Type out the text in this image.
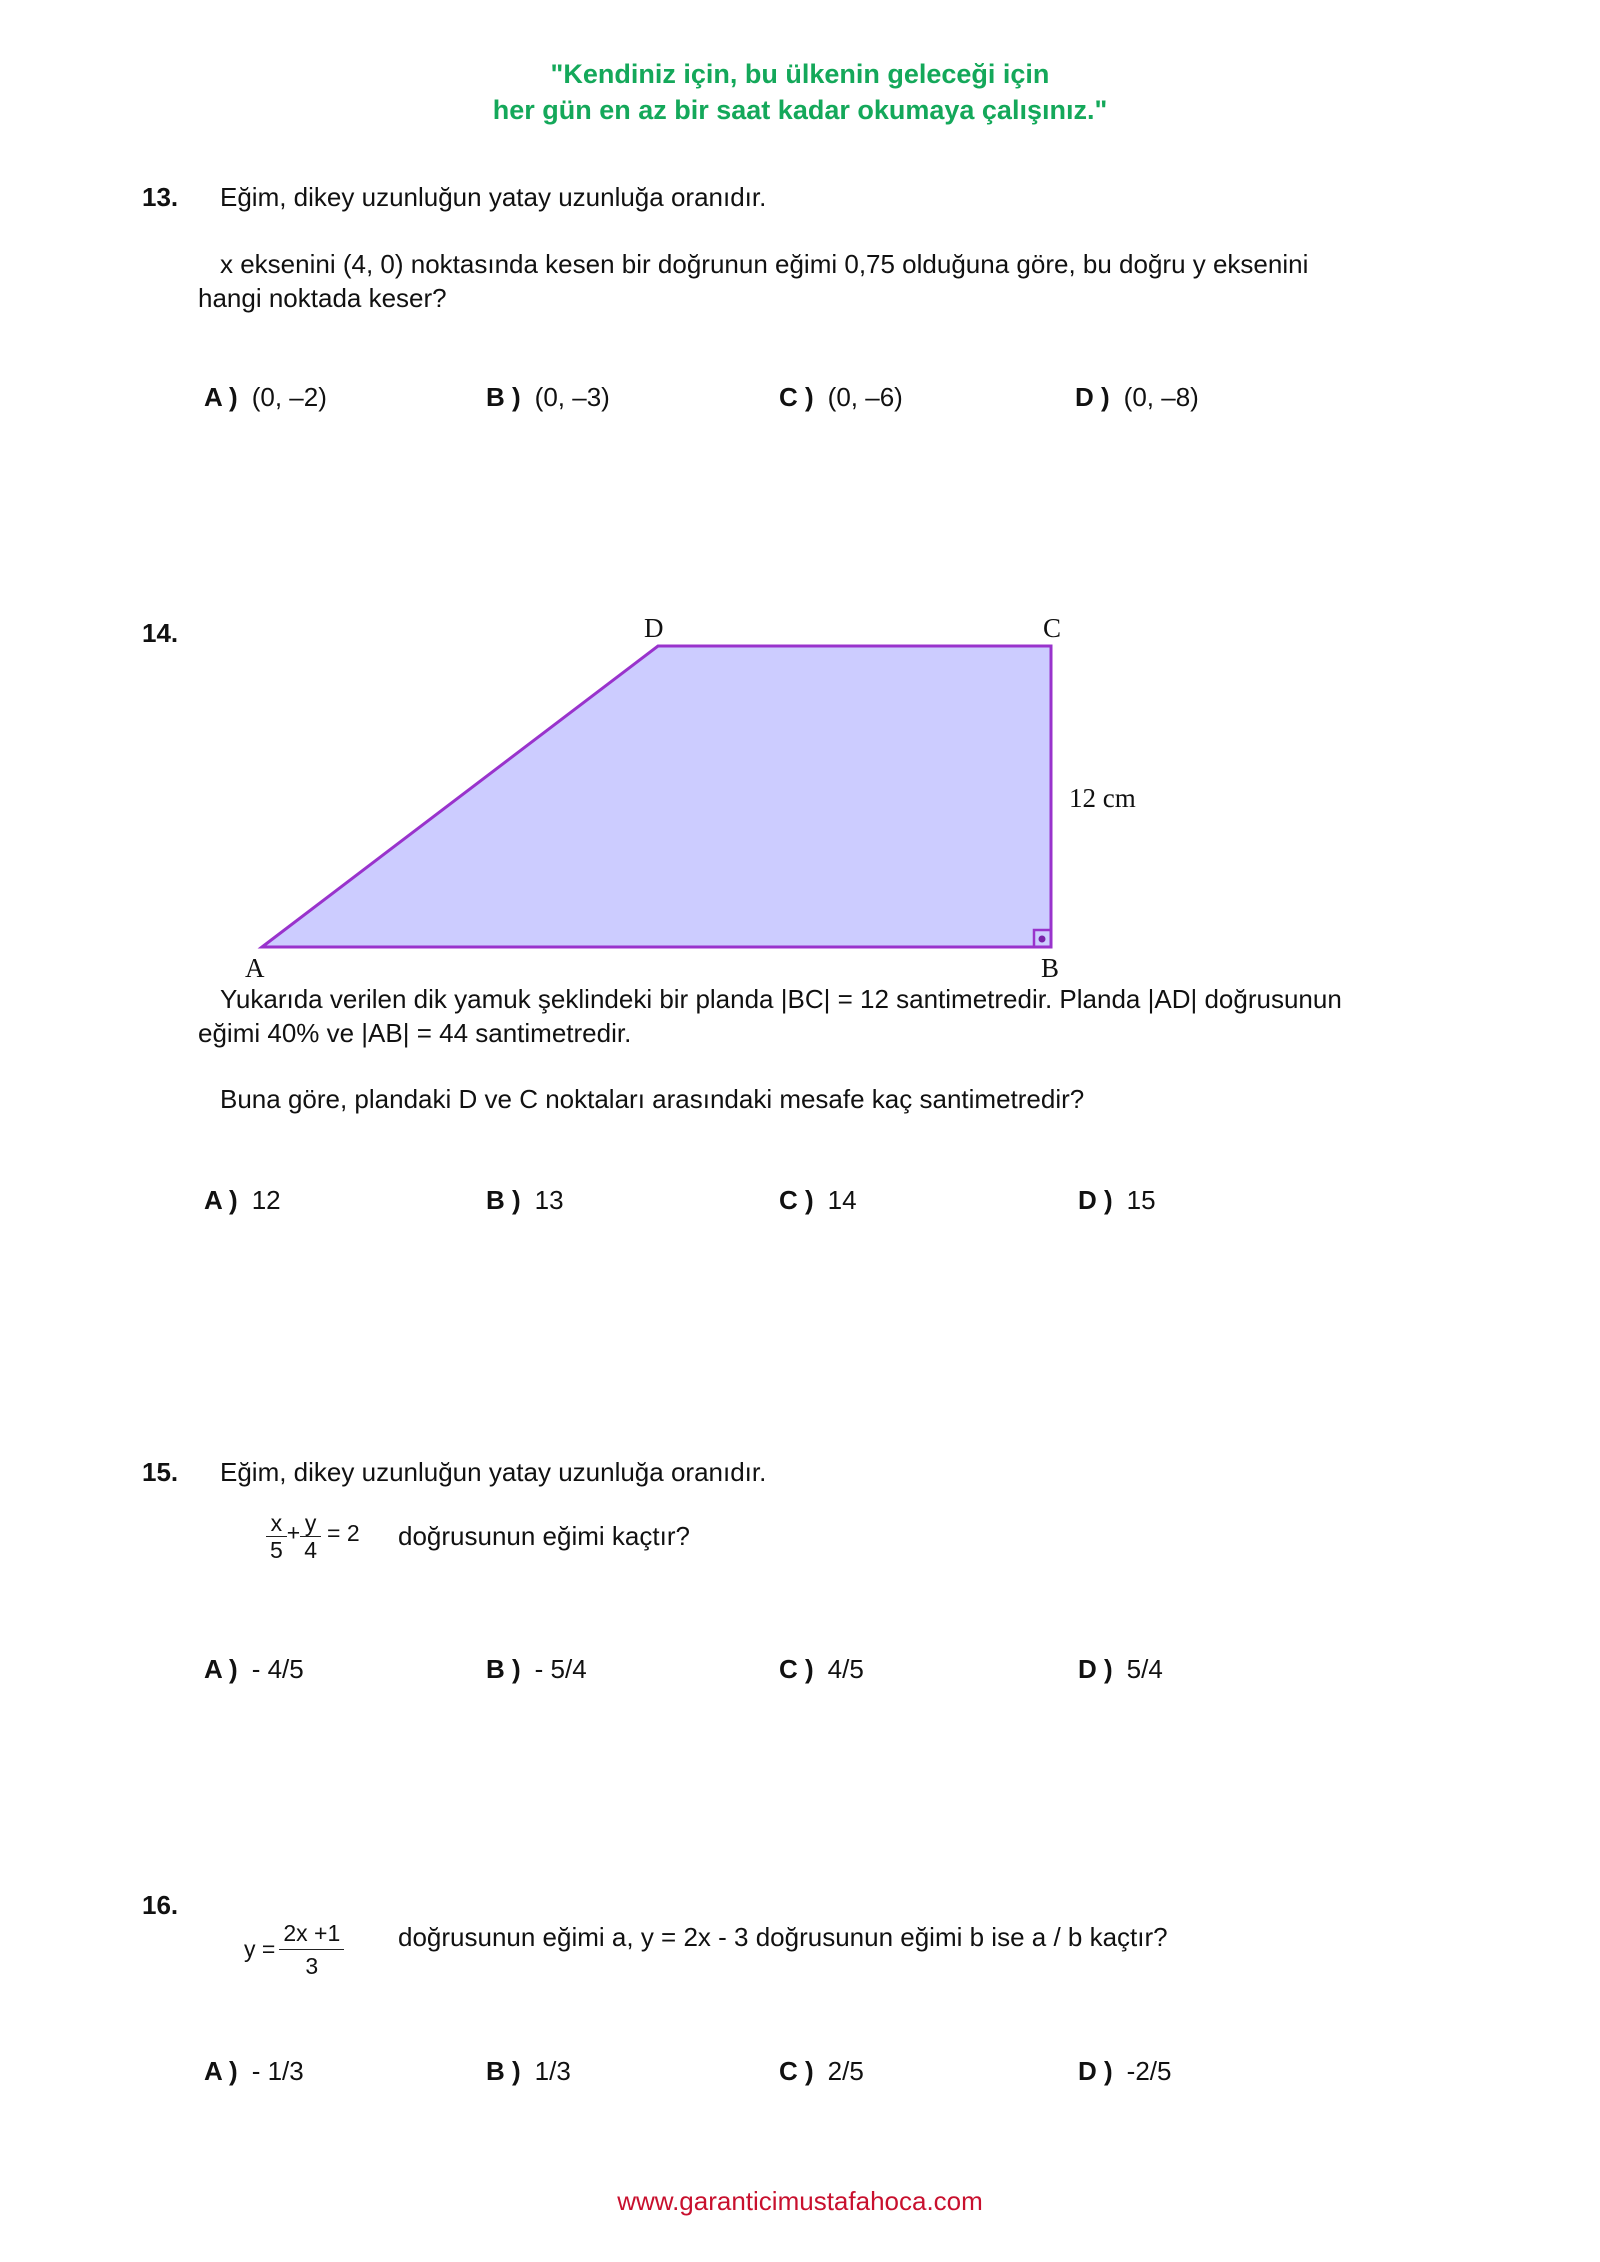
"Kendiniz için, bu ülkenin geleceği için
her gün en az bir saat kadar okumaya çalışınız."
13. Eğim, dikey uzunluğun yatay uzunluğa oranıdır.
x eksenini (4, 0) noktasında kesen bir doğrunun eğimi 0,75 olduğuna göre, bu doğru y eksenini
hangi noktada keser?
A ) (0, –2)	B ) (0, –3)	C ) (0, –6)	D ) (0, –8)
14.
A	B
C
D
12 cm
Yukarıda verilen dik yamuk şeklindeki bir planda |BC| = 12 santimetredir. Planda |AD| doğrusunun
eğimi 40% ve |AB| = 44 santimetredir.
Buna göre, plandaki D ve C noktaları arasındaki mesafe kaç santimetredir?
A ) 12	B ) 13	C ) 14	D ) 15
15. Eğim, dikey uzunluğun yatay uzunluğa oranıdır.
$\frac{x}{5} + \frac{y}{4} = 2$ doğrusunun eğimi kaçtır?
A ) - 4/5	B ) - 5/4	C ) 4/5	D ) 5/4
16.
$y = \frac{2x +1}{3}$ doğrusunun eğimi a, y = 2x - 3 doğrusunun eğimi b ise a / b kaçtır?
A ) - 1/3	B ) 1/3	C ) 2/5	D ) -2/5
www.garanticimustafahoca.com
